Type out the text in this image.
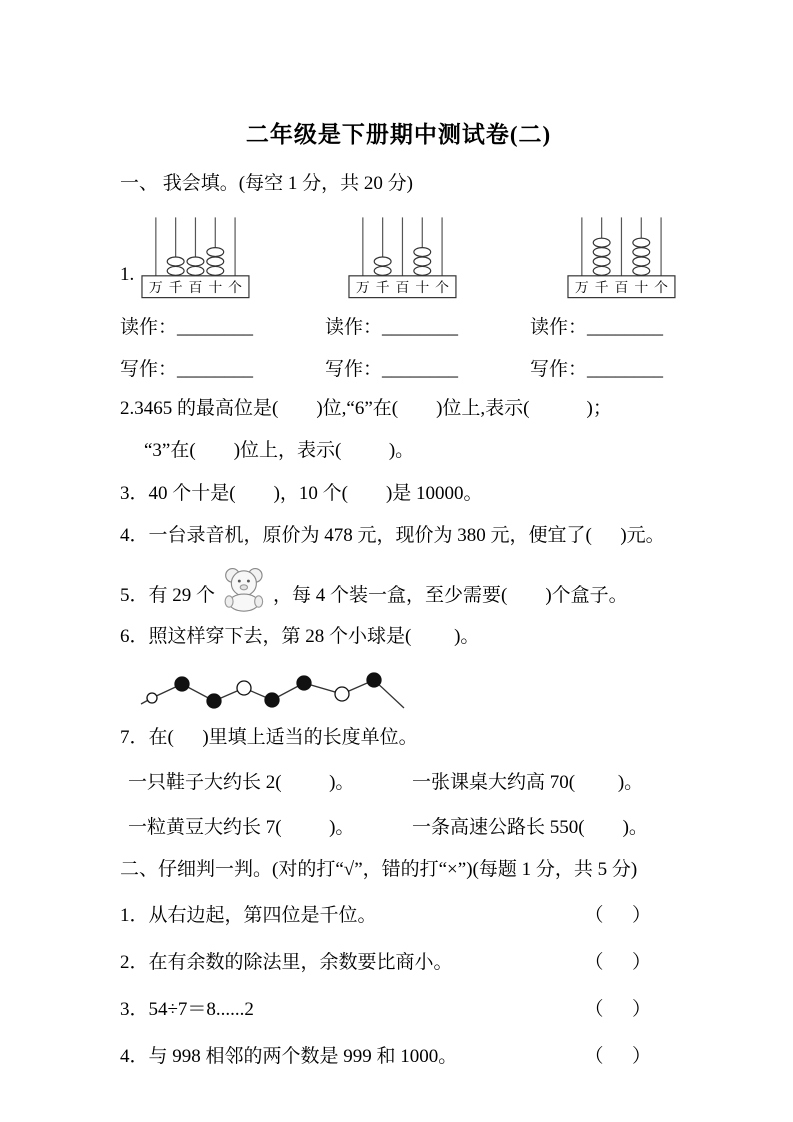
二年级是下册期中测试卷(二)
一、 我会填。(每空 1 分，共 20 分)
1.
万 千 百 十 个	万 千 百 十 个	万 千 百 十 个
读作：________	读作：________	读作：________
写作：________	写作：________	写作：________
2.3465 的最高位是(        )位,“6”在(        )位上,表示(            )；
“3”在(        )位上，表示(          )。
3．40 个十是(        )，10 个(        )是 10000。
4．一台录音机，原价为 478 元，现价为 380 元，便宜了(      )元。
5．有 29 个	，每 4 个装一盒，至少需要(        )个盒子。
6．照这样穿下去，第 28 个小球是(         )。
7．在(      )里填上适当的长度单位。
一只鞋子大约长 2(          )。	一张课桌大约高 70(         )。
一粒黄豆大约长 7(          )。	一条高速公路长 550(        )。
二、仔细判一判。(对的打“√”，错的打“×”)(每题 1 分，共 5 分)
1．从右边起，第四位是千位。	（      ）
2．在有余数的除法里，余数要比商小。	（      ）
3．54÷7＝8......2	（      ）
4．与 998 相邻的两个数是 999 和 1000。	（      ）
